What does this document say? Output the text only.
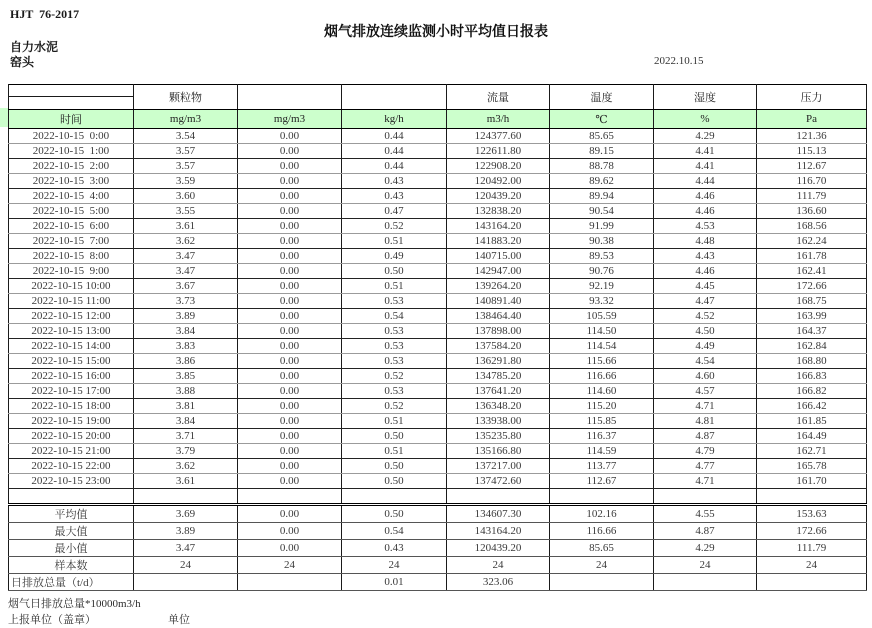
HJT  76-2017
烟气排放连续监测小时平均值日报表
自力水泥
窑头	2022.10.15
	颗粒物			流量	温度	湿度	压力

时间	mg/m3	mg/m3	kg/h	m3/h	℃	%	Pa
2022-10-15  0:00	3.54	0.00	0.44	124377.60	85.65	4.29	121.36
2022-10-15  1:00	3.57	0.00	0.44	122611.80	89.15	4.41	115.13
2022-10-15  2:00	3.57	0.00	0.44	122908.20	88.78	4.41	112.67
2022-10-15  3:00	3.59	0.00	0.43	120492.00	89.62	4.44	116.70
2022-10-15  4:00	3.60	0.00	0.43	120439.20	89.94	4.46	111.79
2022-10-15  5:00	3.55	0.00	0.47	132838.20	90.54	4.46	136.60
2022-10-15  6:00	3.61	0.00	0.52	143164.20	91.99	4.53	168.56
2022-10-15  7:00	3.62	0.00	0.51	141883.20	90.38	4.48	162.24
2022-10-15  8:00	3.47	0.00	0.49	140715.00	89.53	4.43	161.78
2022-10-15  9:00	3.47	0.00	0.50	142947.00	90.76	4.46	162.41
2022-10-15 10:00	3.67	0.00	0.51	139264.20	92.19	4.45	172.66
2022-10-15 11:00	3.73	0.00	0.53	140891.40	93.32	4.47	168.75
2022-10-15 12:00	3.89	0.00	0.54	138464.40	105.59	4.52	163.99
2022-10-15 13:00	3.84	0.00	0.53	137898.00	114.50	4.50	164.37
2022-10-15 14:00	3.83	0.00	0.53	137584.20	114.54	4.49	162.84
2022-10-15 15:00	3.86	0.00	0.53	136291.80	115.66	4.54	168.80
2022-10-15 16:00	3.85	0.00	0.52	134785.20	116.66	4.60	166.83
2022-10-15 17:00	3.88	0.00	0.53	137641.20	114.60	4.57	166.82
2022-10-15 18:00	3.81	0.00	0.52	136348.20	115.20	4.71	166.42
2022-10-15 19:00	3.84	0.00	0.51	133938.00	115.85	4.81	161.85
2022-10-15 20:00	3.71	0.00	0.50	135235.80	116.37	4.87	164.49
2022-10-15 21:00	3.79	0.00	0.51	135166.80	114.59	4.79	162.71
2022-10-15 22:00	3.62	0.00	0.50	137217.00	113.77	4.77	165.78
2022-10-15 23:00	3.61	0.00	0.50	137472.60	112.67	4.71	161.70

平均值	3.69	0.00	0.50	134607.30	102.16	4.55	153.63
最大值	3.89	0.00	0.54	143164.20	116.66	4.87	172.66
最小值	3.47	0.00	0.43	120439.20	85.65	4.29	111.79
样本数	24	24	24	24	24	24	24
日排放总量（t/d）			0.01	323.06			
烟气日排放总量*10000m3/h
上报单位（盖章）	单位
